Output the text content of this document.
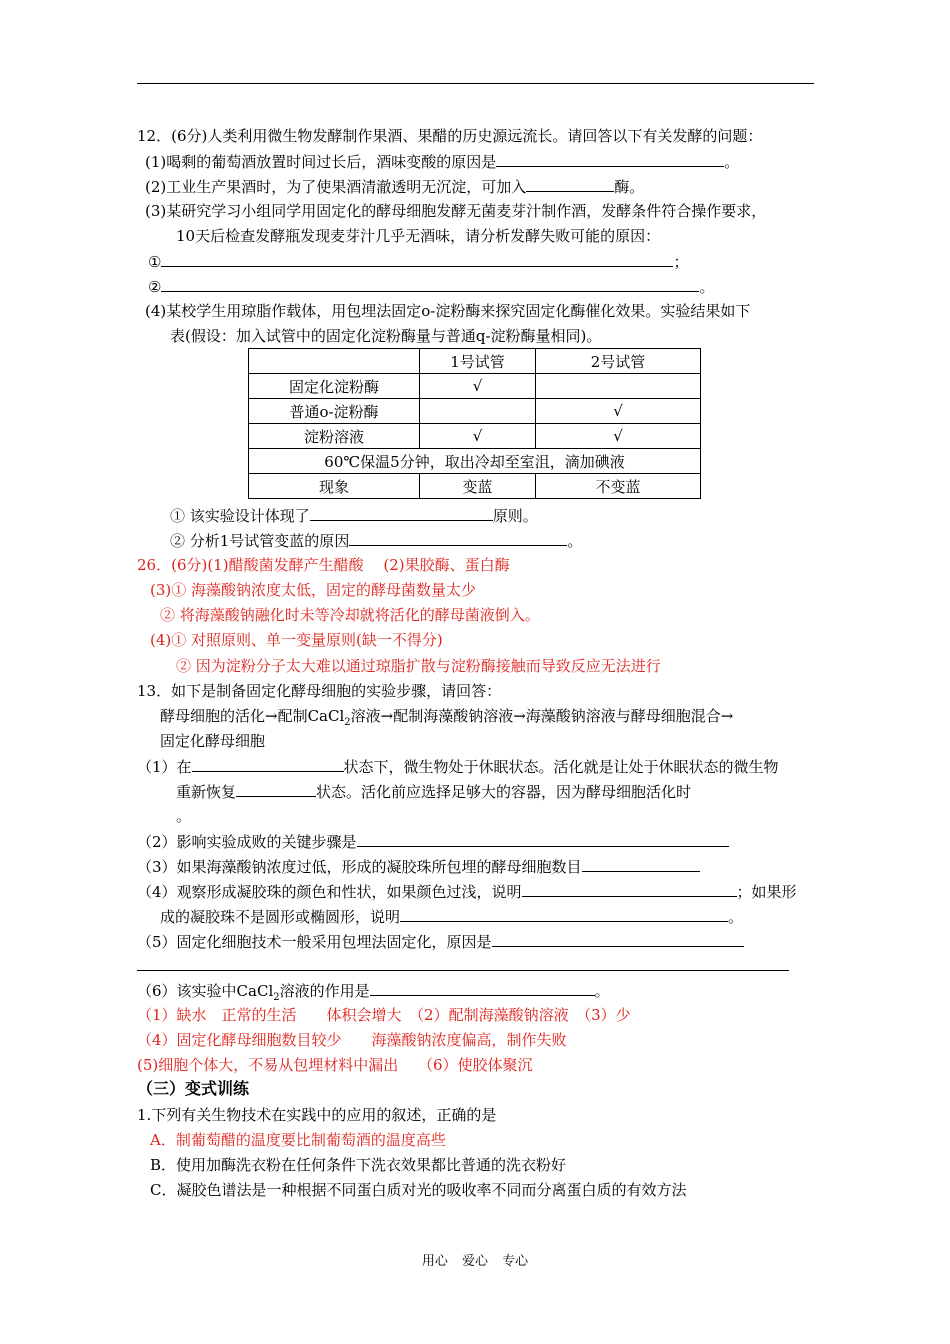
12．(6分)人类利用微生物发酵制作果酒、果醋的历史源远流长。请回答以下有关发酵的问题：
(1)喝剩的葡萄酒放置时间过长后，酒味变酸的原因是	。
(2)工业生产果酒时，为了使果酒清澈透明无沉淀，可加入	酶。
(3)某研究学习小组同学用固定化的酵母细胞发酵无菌麦芽汁制作酒，发酵条件符合操作要求，
10天后检查发酵瓶发现麦芽汁几乎无酒味，请分析发酵失败可能的原因：
①	；
②	。
(4)某校学生用琼脂作载体，用包埋法固定o-淀粉酶来探究固定化酶催化效果。实验结果如下
表(假设：加入试管中的固定化淀粉酶量与普通q-淀粉酶量相同)。
	1号试管	2号试管
固定化淀粉酶	√	
普通o-淀粉酶		√
淀粉溶液	√	√
60℃保温5分钟，取出冷却至室沮，滴加碘液		
现象	变蓝	不变蓝
① 该实验设计体现了	原则。
② 分析1号试管变蓝的原因	。
26．(6分)(1)醋酸菌发酵产生醋酸　 (2)果胶酶、蛋白酶
(3)① 海藻酸钠浓度太低，固定的酵母菌数量太少
② 将海藻酸钠融化时未等冷却就将活化的酵母菌液倒入。
(4)① 对照原则、单一变量原则(缺一不得分)
② 因为淀粉分子太大难以通过琼脂扩散与淀粉酶接触而导致反应无法进行
13．如下是制备固定化酵母细胞的实验步骤，请回答：
酵母细胞的活化→配制CaCl$_2$溶液→配制海藻酸钠溶液→海藻酸钠溶液与酵母细胞混合→
固定化酵母细胞
（1）在	状态下，微生物处于休眠状态。活化就是让处于休眠状态的微生物
重新恢复	状态。活化前应选择足够大的容器，因为酵母细胞活化时
。
（2）影响实验成败的关键步骤是
（3）如果海藻酸钠浓度过低，形成的凝胶珠所包埋的酵母细胞数目
（4）观察形成凝胶珠的颜色和性状，如果颜色过浅，说明	；如果形
成的凝胶珠不是圆形或椭圆形，说明	。
（5）固定化细胞技术一般采用包埋法固定化，原因是
（6）该实验中CaCl$_2$溶液的作用是	。
（1）缺水　正常的生活　　体积会增大　（2）配制海藻酸钠溶液　（3）少
（4）固定化酵母细胞数目较少　　海藻酸钠浓度偏高，制作失败
(5)细胞个体大，不易从包埋材料中漏出　 （6）使胶体聚沉
（三）变式训练
1.下列有关生物技术在实践中的应用的叙述，正确的是
A．制葡萄醋的温度要比制葡萄酒的温度高些
B．使用加酶洗衣粉在任何条件下洗衣效果都比普通的洗衣粉好
C．凝胶色谱法是一种根据不同蛋白质对光的吸收率不同而分离蛋白质的有效方法
用心 爱心 专心
